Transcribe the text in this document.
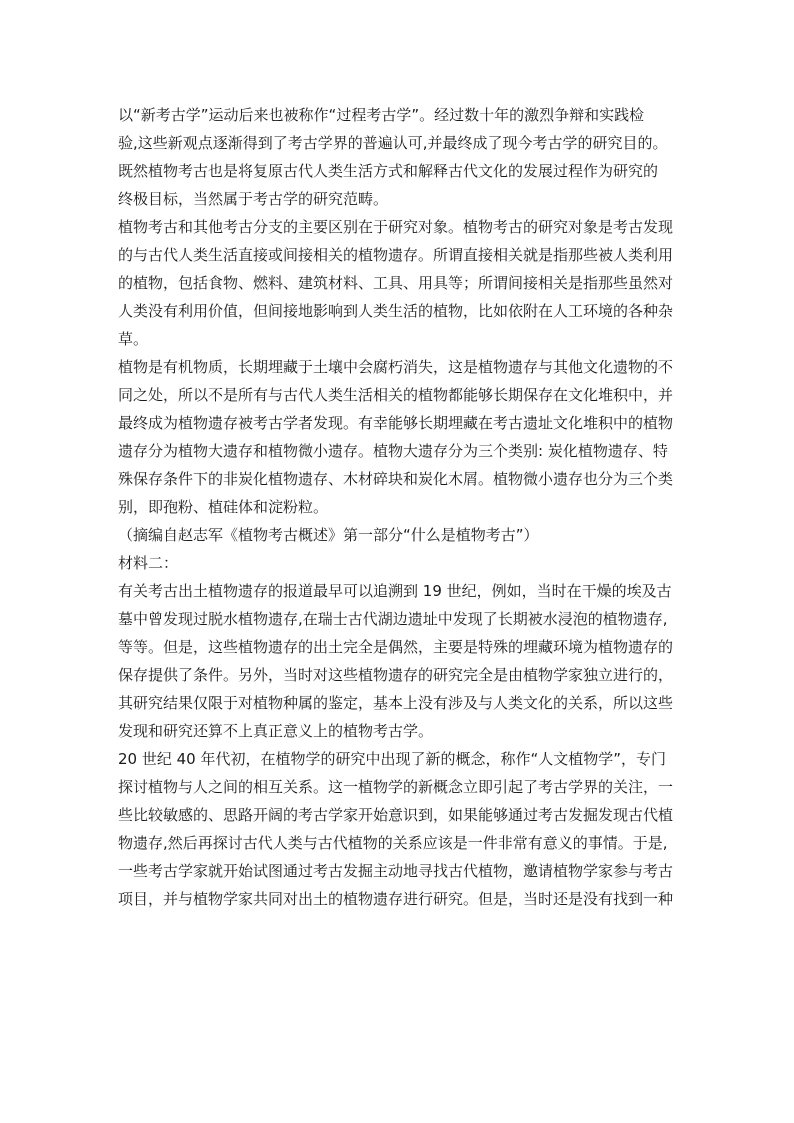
以“新考古学”运动后来也被称作“过程考古学”。经过数十年的激烈争辩和实践检
验,这些新观点逐渐得到了考古学界的普遍认可,并最终成了现今考古学的研究目的。
既然植物考古也是将复原古代人类生活方式和解释古代文化的发展过程作为研究的
终极目标，当然属于考古学的研究范畴。
植物考古和其他考古分支的主要区别在于研究对象。植物考古的研究对象是考古发现
的与古代人类生活直接或间接相关的植物遗存。所谓直接相关就是指那些被人类利用
的植物，包括食物、燃料、建筑材料、工具、用具等；所谓间接相关是指那些虽然对
人类没有利用价值，但间接地影响到人类生活的植物，比如依附在人工环境的各种杂
草。
植物是有机物质，长期埋藏于土壤中会腐朽消失，这是植物遗存与其他文化遗物的不
同之处，所以不是所有与古代人类生活相关的植物都能够长期保存在文化堆积中，并
最终成为植物遗存被考古学者发现。有幸能够长期埋藏在考古遗址文化堆积中的植物
遗存分为植物大遗存和植物微小遗存。植物大遗存分为三个类别: 炭化植物遗存、特
殊保存条件下的非炭化植物遗存、木材碎块和炭化木屑。植物微小遗存也分为三个类
别，即孢粉、植硅体和淀粉粒。
（摘编自赵志军《植物考古概述》第一部分“什么是植物考古”）
材料二：
有关考古出土植物遗存的报道最早可以追溯到 19 世纪，例如，当时在干燥的埃及古
墓中曾发现过脱水植物遗存,在瑞士古代湖边遗址中发现了长期被水浸泡的植物遗存,
等等。但是，这些植物遗存的出土完全是偶然，主要是特殊的埋藏环境为植物遗存的
保存提供了条件。另外，当时对这些植物遗存的研究完全是由植物学家独立进行的，
其研究结果仅限于对植物种属的鉴定，基本上没有涉及与人类文化的关系，所以这些
发现和研究还算不上真正意义上的植物考古学。
20 世纪 40 年代初，在植物学的研究中出现了新的概念，称作“人文植物学”，专门
探讨植物与人之间的相互关系。这一植物学的新概念立即引起了考古学界的关注，一
些比较敏感的、思路开阔的考古学家开始意识到，如果能够通过考古发掘发现古代植
物遗存,然后再探讨古代人类与古代植物的关系应该是一件非常有意义的事情。于是,
一些考古学家就开始试图通过考古发掘主动地寻找古代植物，邀请植物学家参与考古
项目，并与植物学家共同对出土的植物遗存进行研究。但是，当时还是没有找到一种
